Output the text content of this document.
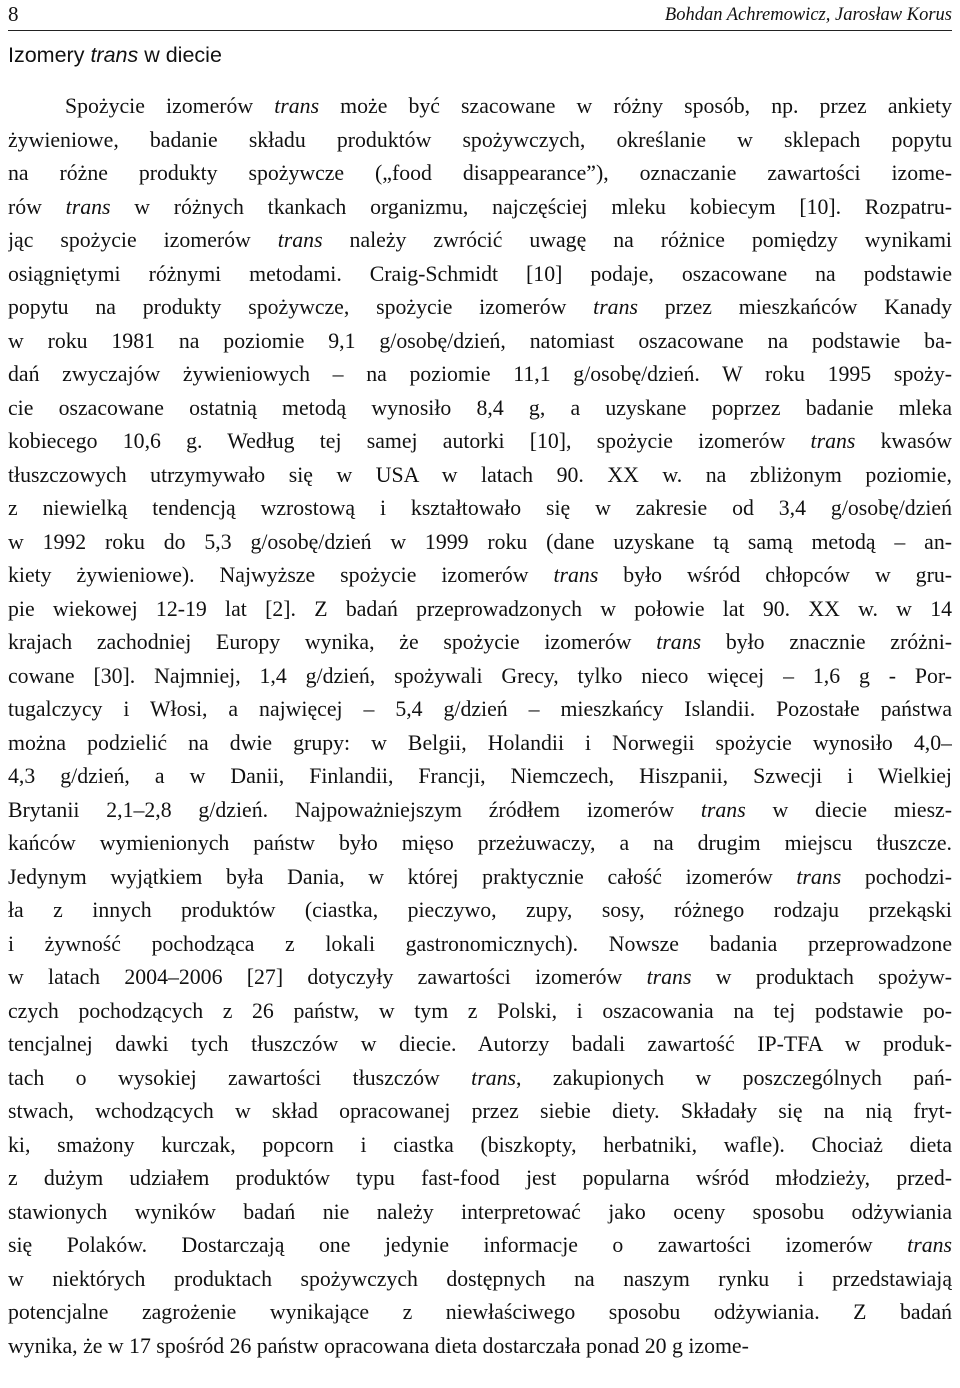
8	Bohdan Achremowicz, Jarosław Korus
Izomery trans w diecie
Spożycie izomerów trans może być szacowane w różny sposób, np. przez ankiety
żywieniowe, badanie składu produktów spożywczych, określanie w sklepach popytu
na różne produkty spożywcze („food disappearance”), oznaczanie zawartości izome-
rów trans w różnych tkankach organizmu, najczęściej mleku kobiecym [10]. Rozpatru-
jąc spożycie izomerów trans należy zwrócić uwagę na różnice pomiędzy wynikami
osiągniętymi różnymi metodami. Craig-Schmidt [10] podaje, oszacowane na podstawie
popytu na produkty spożywcze, spożycie izomerów trans przez mieszkańców Kanady
w roku 1981 na poziomie 9,1 g/osobę/dzień, natomiast oszacowane na podstawie ba-
dań zwyczajów żywieniowych – na poziomie 11,1 g/osobę/dzień. W roku 1995 spoży-
cie oszacowane ostatnią metodą wynosiło 8,4 g, a uzyskane poprzez badanie mleka
kobiecego 10,6 g. Według tej samej autorki [10], spożycie izomerów trans kwasów
tłuszczowych utrzymywało się w USA w latach 90. XX w. na zbliżonym poziomie,
z niewielką tendencją wzrostową i kształtowało się w zakresie od 3,4 g/osobę/dzień
w 1992 roku do 5,3 g/osobę/dzień w 1999 roku (dane uzyskane tą samą metodą – an-
kiety żywieniowe). Najwyższe spożycie izomerów trans było wśród chłopców w gru-
pie wiekowej 12-19 lat [2]. Z badań przeprowadzonych w połowie lat 90. XX w. w 14
krajach zachodniej Europy wynika, że spożycie izomerów trans było znacznie zróżni-
cowane [30]. Najmniej, 1,4 g/dzień, spożywali Grecy, tylko nieco więcej – 1,6 g - Por-
tugalczycy i Włosi, a najwięcej – 5,4 g/dzień – mieszkańcy Islandii. Pozostałe państwa
można podzielić na dwie grupy: w Belgii, Holandii i Norwegii spożycie wynosiło 4,0–
4,3 g/dzień, a w Danii, Finlandii, Francji, Niemczech, Hiszpanii, Szwecji i Wielkiej
Brytanii 2,1–2,8 g/dzień. Najpoważniejszym źródłem izomerów trans w diecie miesz-
kańców wymienionych państw było mięso przeżuwaczy, a na drugim miejscu tłuszcze.
Jedynym wyjątkiem była Dania, w której praktycznie całość izomerów trans pochodzi-
ła z innych produktów (ciastka, pieczywo, zupy, sosy, różnego rodzaju przekąski
i żywność pochodząca z lokali gastronomicznych). Nowsze badania przeprowadzone
w latach 2004–2006 [27] dotyczyły zawartości izomerów trans w produktach spożyw-
czych pochodzących z 26 państw, w tym z Polski, i oszacowania na tej podstawie po-
tencjalnej dawki tych tłuszczów w diecie. Autorzy badali zawartość IP-TFA w produk-
tach o wysokiej zawartości tłuszczów trans, zakupionych w poszczególnych pań-
stwach, wchodzących w skład opracowanej przez siebie diety. Składały się na nią fryt-
ki, smażony kurczak, popcorn i ciastka (biszkopty, herbatniki, wafle). Chociaż dieta
z dużym udziałem produktów typu fast-food jest popularna wśród młodzieży, przed-
stawionych wyników badań nie należy interpretować jako oceny sposobu odżywiania
się Polaków. Dostarczają one jedynie informacje o zawartości izomerów trans
w niektórych produktach spożywczych dostępnych na naszym rynku i przedstawiają
potencjalne zagrożenie wynikające z niewłaściwego sposobu odżywiania. Z badań
wynika, że w 17 spośród 26 państw opracowana dieta dostarczała ponad 20 g izome-
